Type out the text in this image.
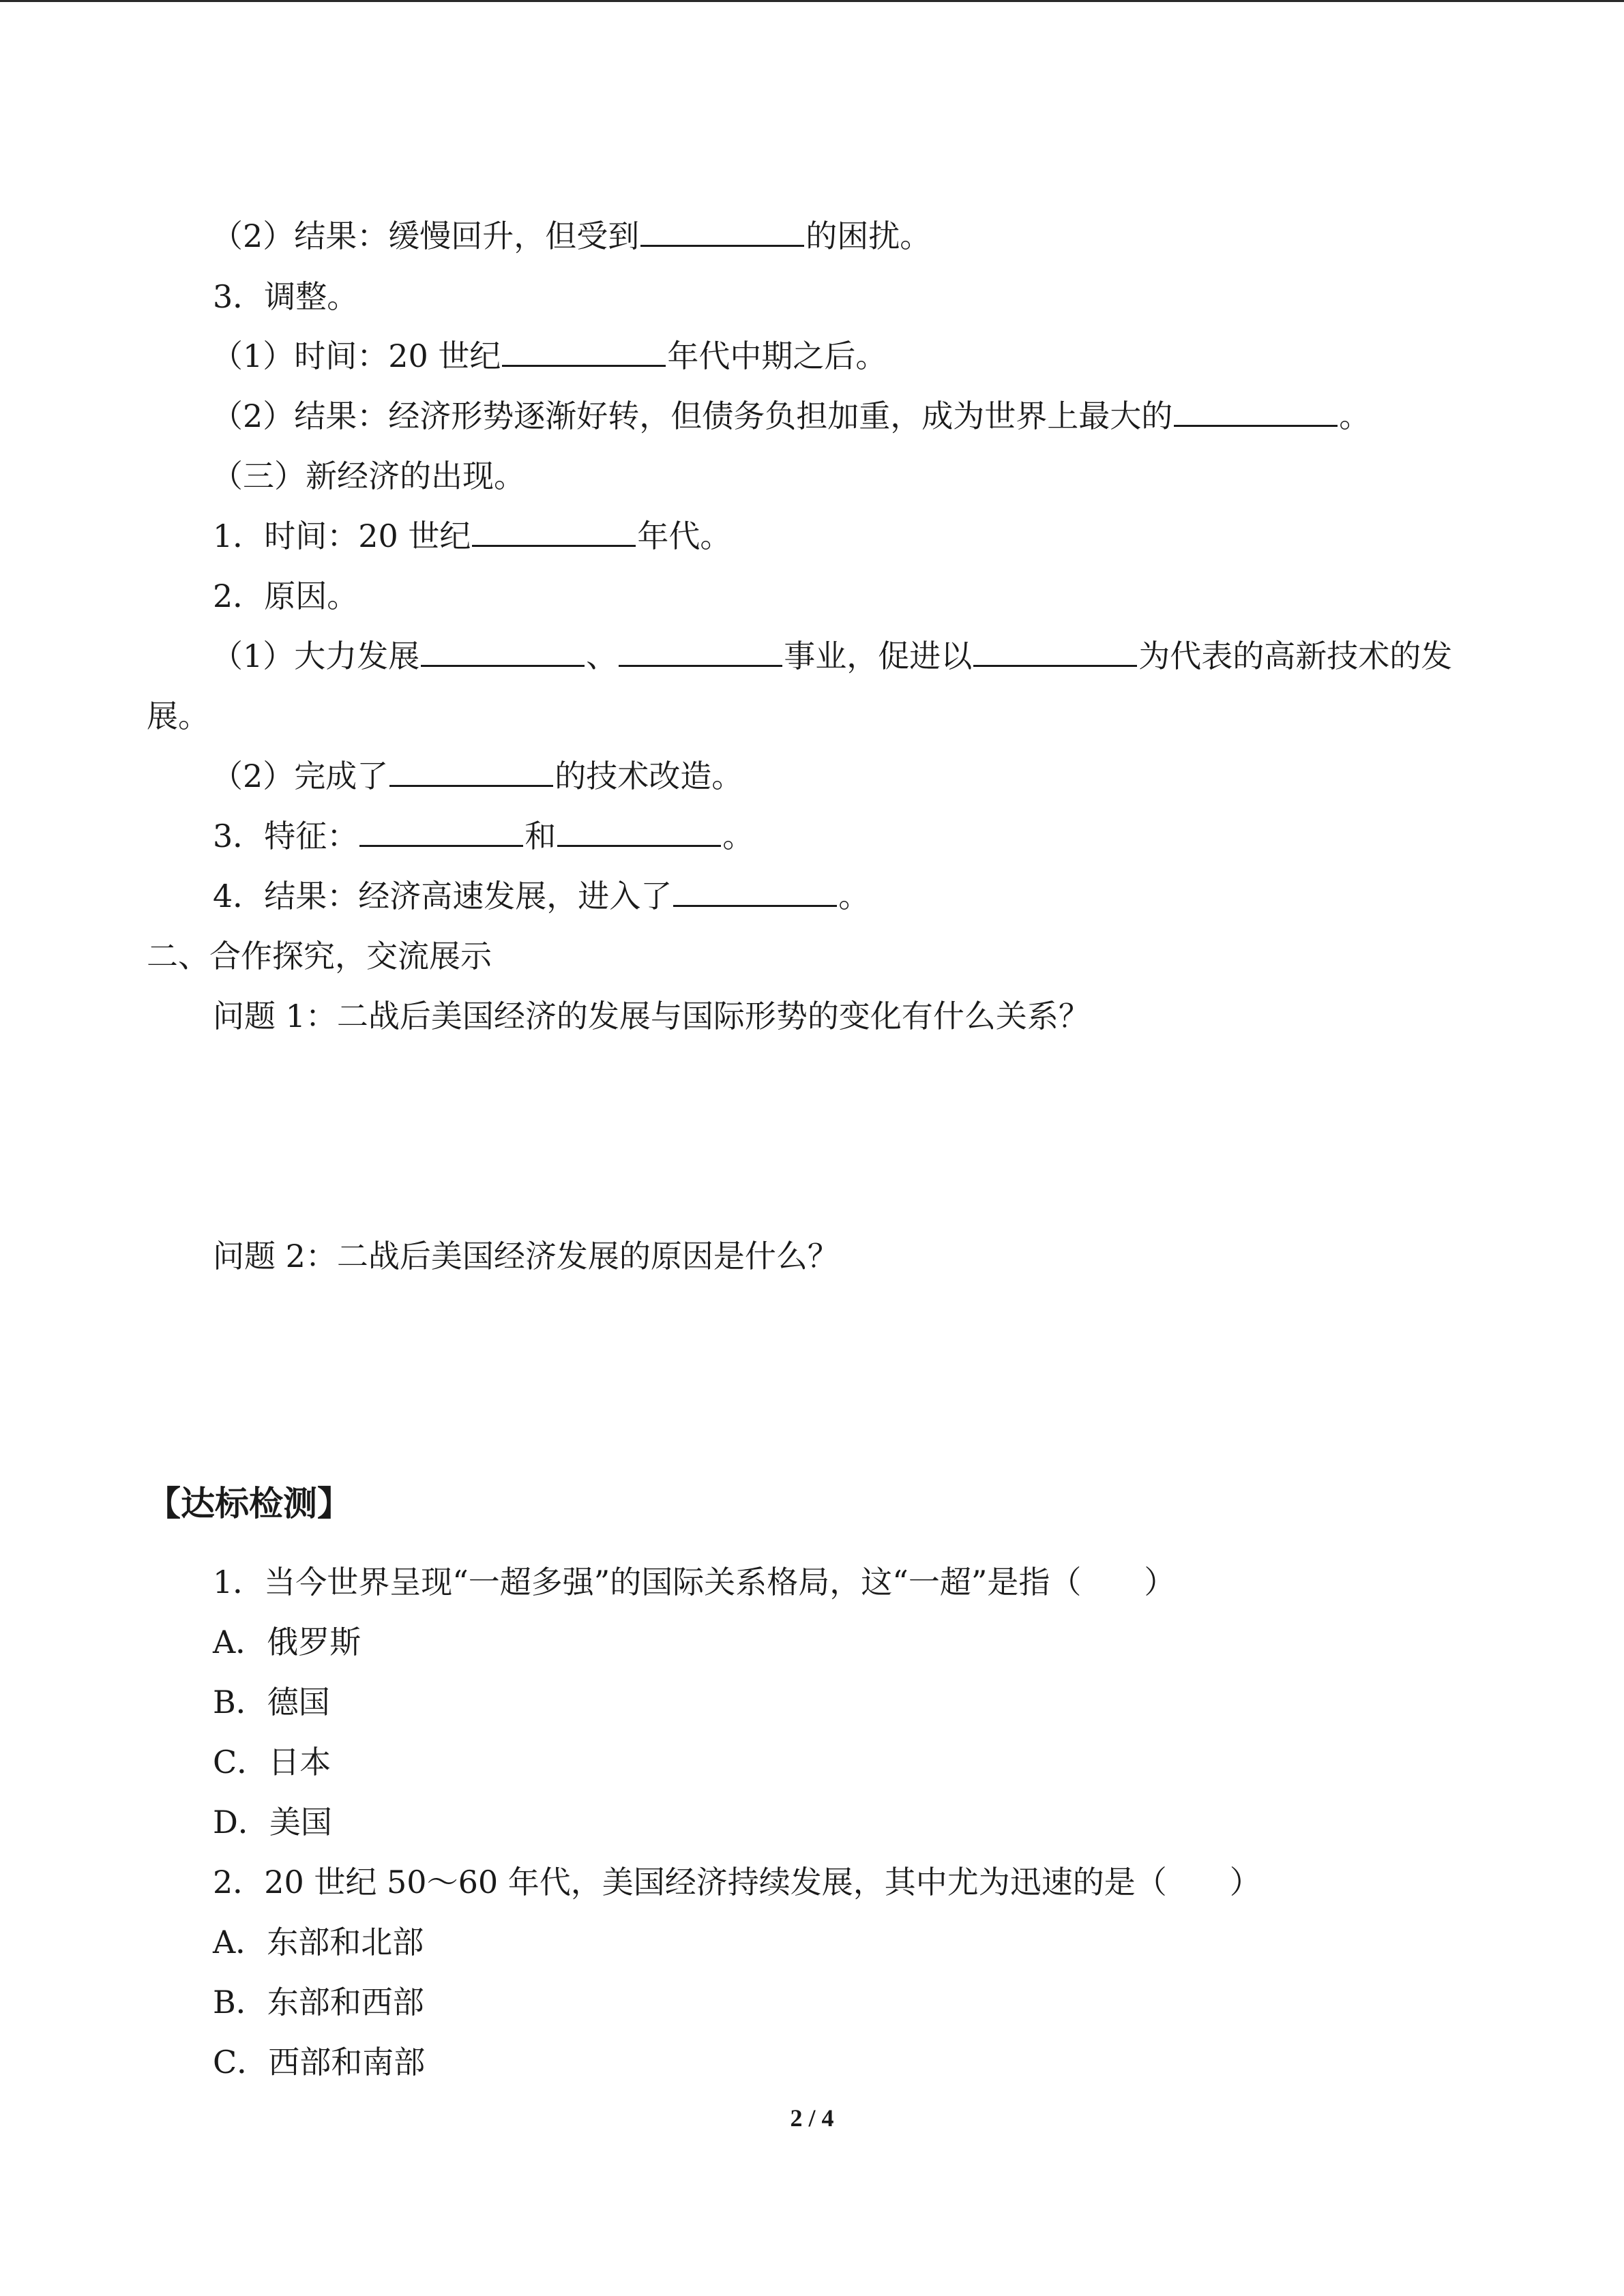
（2）结果：缓慢回升，但受到	的困扰。
3．调整。
（1）时间：20 世纪	年代中期之后。
（2）结果：经济形势逐渐好转，但债务负担加重，成为世界上最大的	。
（三）新经济的出现。
1．时间：20 世纪	年代。
2．原因。
（1）大力发展	、	事业，促进以	为代表的高新技术的发
展。
（2）完成了	的技术改造。
3．特征：	和	。
4．结果：经济高速发展，进入了	。
二、合作探究，交流展示
问题 1：二战后美国经济的发展与国际形势的变化有什么关系？
问题 2：二战后美国经济发展的原因是什么？
【达标检测】
1．当今世界呈现“一超多强”的国际关系格局，这“一超”是指（　　）
A．俄罗斯
B．德国
C．日本
D．美国
2．20 世纪 50～60 年代，美国经济持续发展，其中尤为迅速的是（　　）
A．东部和北部
B．东部和西部
C．西部和南部
2 / 4
